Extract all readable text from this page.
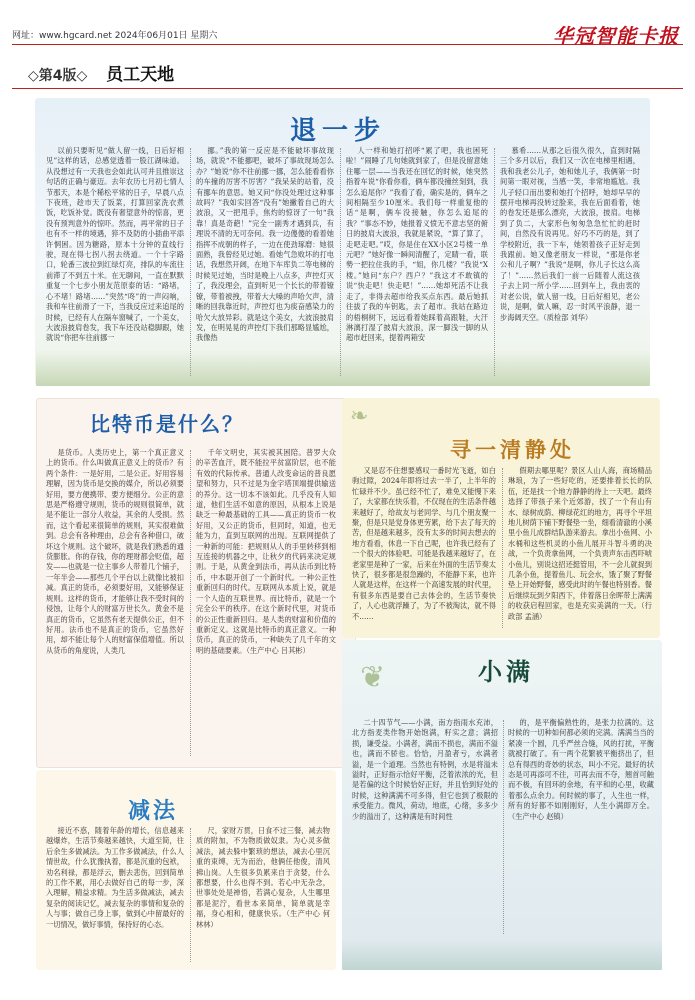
网址：www.hgcard.net 2024年06月01日 星期六	华冠智能卡报
◇第4版◇ 员工天地
退一步

以前只要听见“做人留一线，日后好相见”这样的话，总感觉透着一股江湖味道。从没想过有一天我也会如此认可并且推崇这句话的正确与豪迈。去年农历七月初七情人节那天，本是个稀松平常的日子，早晨八点下夜班，趁市天了饭菜，打算回家洗衣煮饭，吃饭补觉。既没有奢望意外的惊喜，更没有预判意外的惊吓。然而，再平常的日子也有不一样的境遇，猝不及防的小插曲平添许惘困。因为糖路，原本十分钟的直线行驶，现在得七拐八拐去绕道。一个十字路口，轮番三波拉到红绿灯亮，排队的车流往前滞了不到五十米。在无聊间，一直在默默重复一个七步小朋友范原泰的话：“路堵，心不堵！路堵……”突然“咚”的一声闷响，我和车往前滑了一下，当我反应过来追尾的时候，已经有人在隔车窗喊了，一个美女，大波浪披肩卷发，我下车还没站稳脚跟，她就说“你把车往前挪一

挪。”我的第一反应是不能破坏事故现场，就说“不能挪吧，破坏了事故现场怎么办？”她说“你不往前挪一挪，怎么能看看你的车撞的厉害不厉害？”我呆呆的站着，没有挪车的意思。她又问“你没处理过这种事故吗？”我如实回答“没有”她撇着自己的大波浪，又一把甩手，焦灼的惊讶了一句“我靠！真是奇葩！”完全一副秀才遇到兵，有理说不清的无可奈何。我一边傻傻的看着她指挥不成朝的样子，一边在使劲琢磨：她很面熟，我曾经见过她。看她气急败坏的打电话，我想然开阔，在地下车库负二等电梯的时候见过她，当时是晚上八点多，声控灯灭了，我没理会，直到听见一个长长的带着镣镣，带着被拽，带着大大嗓的声哈欠声，清晰的回我靠近时，声控灯也为痰奋感染力的哈欠大放异彩。就是这个美女，大波浪披肩发，在明晃晃的声控灯下我们那略显尴尬，我像热

人一样和她打招呼“累了吧，我也困死啦！”闹睡了几句她就到家了，但是没留意她住哪一层——当我还在回忆的时候，她突然指着车说“你看你看，俩车都没撞丝刻到，我怎么追尾你？”我看了看，确实是的，俩车之间相隔至少10厘米。我们每一样重复他的话“是啊，俩车没接触，你怎么追尾的我？”事态不妙，她报着义愤无不意志坚的俯日的披肩大波浪，我就是紧说，“算了算了，走吧走吧。”哎，你是住在XX小区2号楼一单元吧？”她好像一瞬间清醒了，定睛一看，联勢一把拉住我的手，“姐，你几楼？”我说“X楼。”她问“东户？西户？”我这才不敢镇的说“快走吧！快走吧！”……她却死活不让我走了，非得去超市给我买点东西。最后她抓往拔了我的车钥匙，去了超市。我站在路边的梧桐树下，远远看着她踩着高跟鞋，大汗淋漓打湿了披肩大波浪，深一脚浅一脚的从超市赶回来，提着两箱安

慕希……从那之后很久很久，直到时隔三个多月以后，我们又一次在电梯里相遇，我和我老公儿子，她和她儿子，我俩第一时间第一眼对视，当感一笑，非常地尴尬。我儿子轻口而出要和她打个招呼，她却早早的摆开电梯再没转过脸来，我在后面看着，她的卷发还是那么漂亮，大波浪，披肩。电梯到了负二，大家形色匆匆急急忙忙的赶时间，自然没有说再见。好巧不巧的是，到了学校附近，我一下车，她领着孩子正好走到我跟前。她又像老朋友一样说，“那是你老公和儿子啊？”我说“是啊，你儿子长这么高了！”……然后我们一前一后随着人流这孩子去上同一所小学……回到车上，我由衷的对老公说，做人留一线，日后好相见，老公说，是啊，做人嘛，忍一时风平浪静，退一步海阔天空。（质检部 刘华）

比特币是什么？

是货币。人类历史上，第一个真正意义上的货币。什么叫做真正意义上的货币？有两个条件：一是好用，二是公正。好用容易理解，因为货币是交换的媒介，所以必须要好用，要方便携带、要方便细分。公正的意思是严格遵守规则，货币的规则很简单，就是不能让一部分人收益，其余的人受损。然而，这个看起来很简单的规则，其实很难做到。总会有各种理由，总会有各种借口，破坏这个规则。这个破坏，就是我们熟悉的通货膨胀。你的存钱，你的理财都会贬值，超发——也就是一位主事乡人带着几个铺子，一年半会——那些几个平台以上就像比被扣减。真正的货币，必须要好用，又能够保证规则。这样的货币，才能够让我不受时间的侵蚀，让每个人的财富万世长久。黄金不是真正的货币，它虽然有老天提供公正，但不好用。法币也不是真正的货币，它虽然好用，却不能让每个人的财富保值增值。所以从货币的角度说，人类几

千年文明史，其实被其困陪。普罗大众的辛苦血汗，既不能拉平贫富阶层，也不能有效的代际传承。普通人改变命运的普良愿望和努力，只不过是为金字塔顶端提供输送的养分。这一切本不该如此。几乎没有人知道，他们生活不如意的原因，从根本上说是缺乏一种最基础的工具——真正的货币一枚好用，又公正的货币，但同时，知道，也无能为力，直到互联网的出现。互联网提供了一种新的可能：把规则从人的手里转移到相互连接的机器之中，让秋夕的代码来决定规则。于是，从黄金到法币，再从法币到比特币，中本聪开创了一个新时代。一种公正性重新回归的时代。互联网从本质上说，就是一个人造的互联世界。而比特币，就是一个完全公平的秩序。在这个新时代里，对货币的公正性重新回归。是人类的财富和价值的重新定义。这就是比特币的真正意义。一种货币，真正的货币，一种缺失了几千年的文明的基础要素。（生产中心 吕其彬）

❧
寻一清静处

又是忍不住想要感叹一番时光飞逝，如白驹过隙，2024年即将过去一半了，上半年的忙碌并不少。虽已经不忙了，难免又能慢下来了，大家都在快乐着，不仅现在的生活条件越来越好了，给故友与老同学、与几个朋友聚一聚，但是只是觉身体更劳累，给下去了每天的苦，但是越来越多，没有太多的时间去想去的地方看看，休息一下自己呢，也许我已经有了一个很大的体验吧。可能是我越来越好了，在老家里是种了一家，后来在外面的生活节奏太快了，很多都是很急躁的，不能静下来，也许人就是这样，在这样一个高速发展的时代里，有很多东西是要自己去体会的，生活节奏快了，人心也就浮躁了，为了不被淘汰，就不得不……

假期去哪里呢？景区人山人海，商场精品琳琅，为了一些好吃的，还要排着长长的队伍，还是找一个地方静静的待上一天吧。最终选择了带孩子来个近郊游，找了一个有山有水、绿树成荫、柳绿花红的地方，再寻个平坦地儿树荫下铺下野餐垫一坐，细看清澈的小溪里小鱼儿成群结队游来游去。拿出小鱼网、小水桶和这些机灵的小鱼儿展开斗智斗勇的决战，一个负责拿鱼网，一个负责声东击西吓唬小鱼儿，别说这招还挺管用，不一会儿就捉到几条小鱼，提着鱼儿、玩会水，饿了聚了野餐垫上开始野餐，感受此时的午餐也特别香。餐后继续玩到夕阳西下，伴着落日余晖带上满满的收获启程回家，也是充实美满的一天。（行政部 孟涵）

❦	小满

二十四节气——小满，南方指雨水充沛，北方指麦类作物开始饱满，籽实之意；满招损，谦受益。小满者，满而不损也，满而不溢也，满而不骄也。恰恰，月盈者亏，水满者溢，是一个道理。当然也有特例，水是将溢未溢时，正好指示恰好平衡，泛着浓浓的光，但是若偏的这个时候恰好正好，并且恰到好处的时候，这种满满不可多得，但它也到了极限的承受能力。微风，荷动，地底，心绪，多多少少的溢出了，这种满是有时间性

的，是平衡偏熟性的，是张力拉满的。这时候的一切种如何都必须的完满。满满当当的紧凑一个圆，几乎严丝合缝，风的打扰，平衡就被打破了。有一两个花繁被平衡挤出了，但总有得西的奇妙的状态，叫小不完。最好的状态是可再添可不往，可再去而不夺，翘首可触而不极，有回环的余地，有平和的心里，收藏着那么点余力。何时候的事了，人生也一样，所有的好都不如刚刚好，人生小满即万全。（生产中心 赵镇）

减法

接近不惑，随着年龄的增长，信息越来越爆炸，生活节奏越来越快，大道至简，往后余生多做减法。为工作多做减法，什么人情世故，什么犹豫执着，都是沉重的包袱，劝名利禄，都是浮云，删去悲伤，回到简单的工作不累，用心去做好自己的每一步，深入理解，精益求精。为生活多做减法，减去复杂的阅读记忆，减去复杂的事情和复杂的人与事；做自己身上事，做到心中留最好的一切情况，做好事情，保持好的心态。

尺，家财万贯，日食不过三餐，减去物质的附加，不为物质做奴隶。为心灵多做减法，减去躲中繁琐的想法，减去心里沉重的束缚，无为而治，他俩任他俊，清风拂山岗。人生很多负累来自于贪婪，什么都想要，什么也得不到。若心中无杂念，世事处处是禅悟，若满心复杂，人生哪里都是泥泞，看世本来简单，简单就是幸福，身心相和，健康快乐。（生产中心 何林林）
